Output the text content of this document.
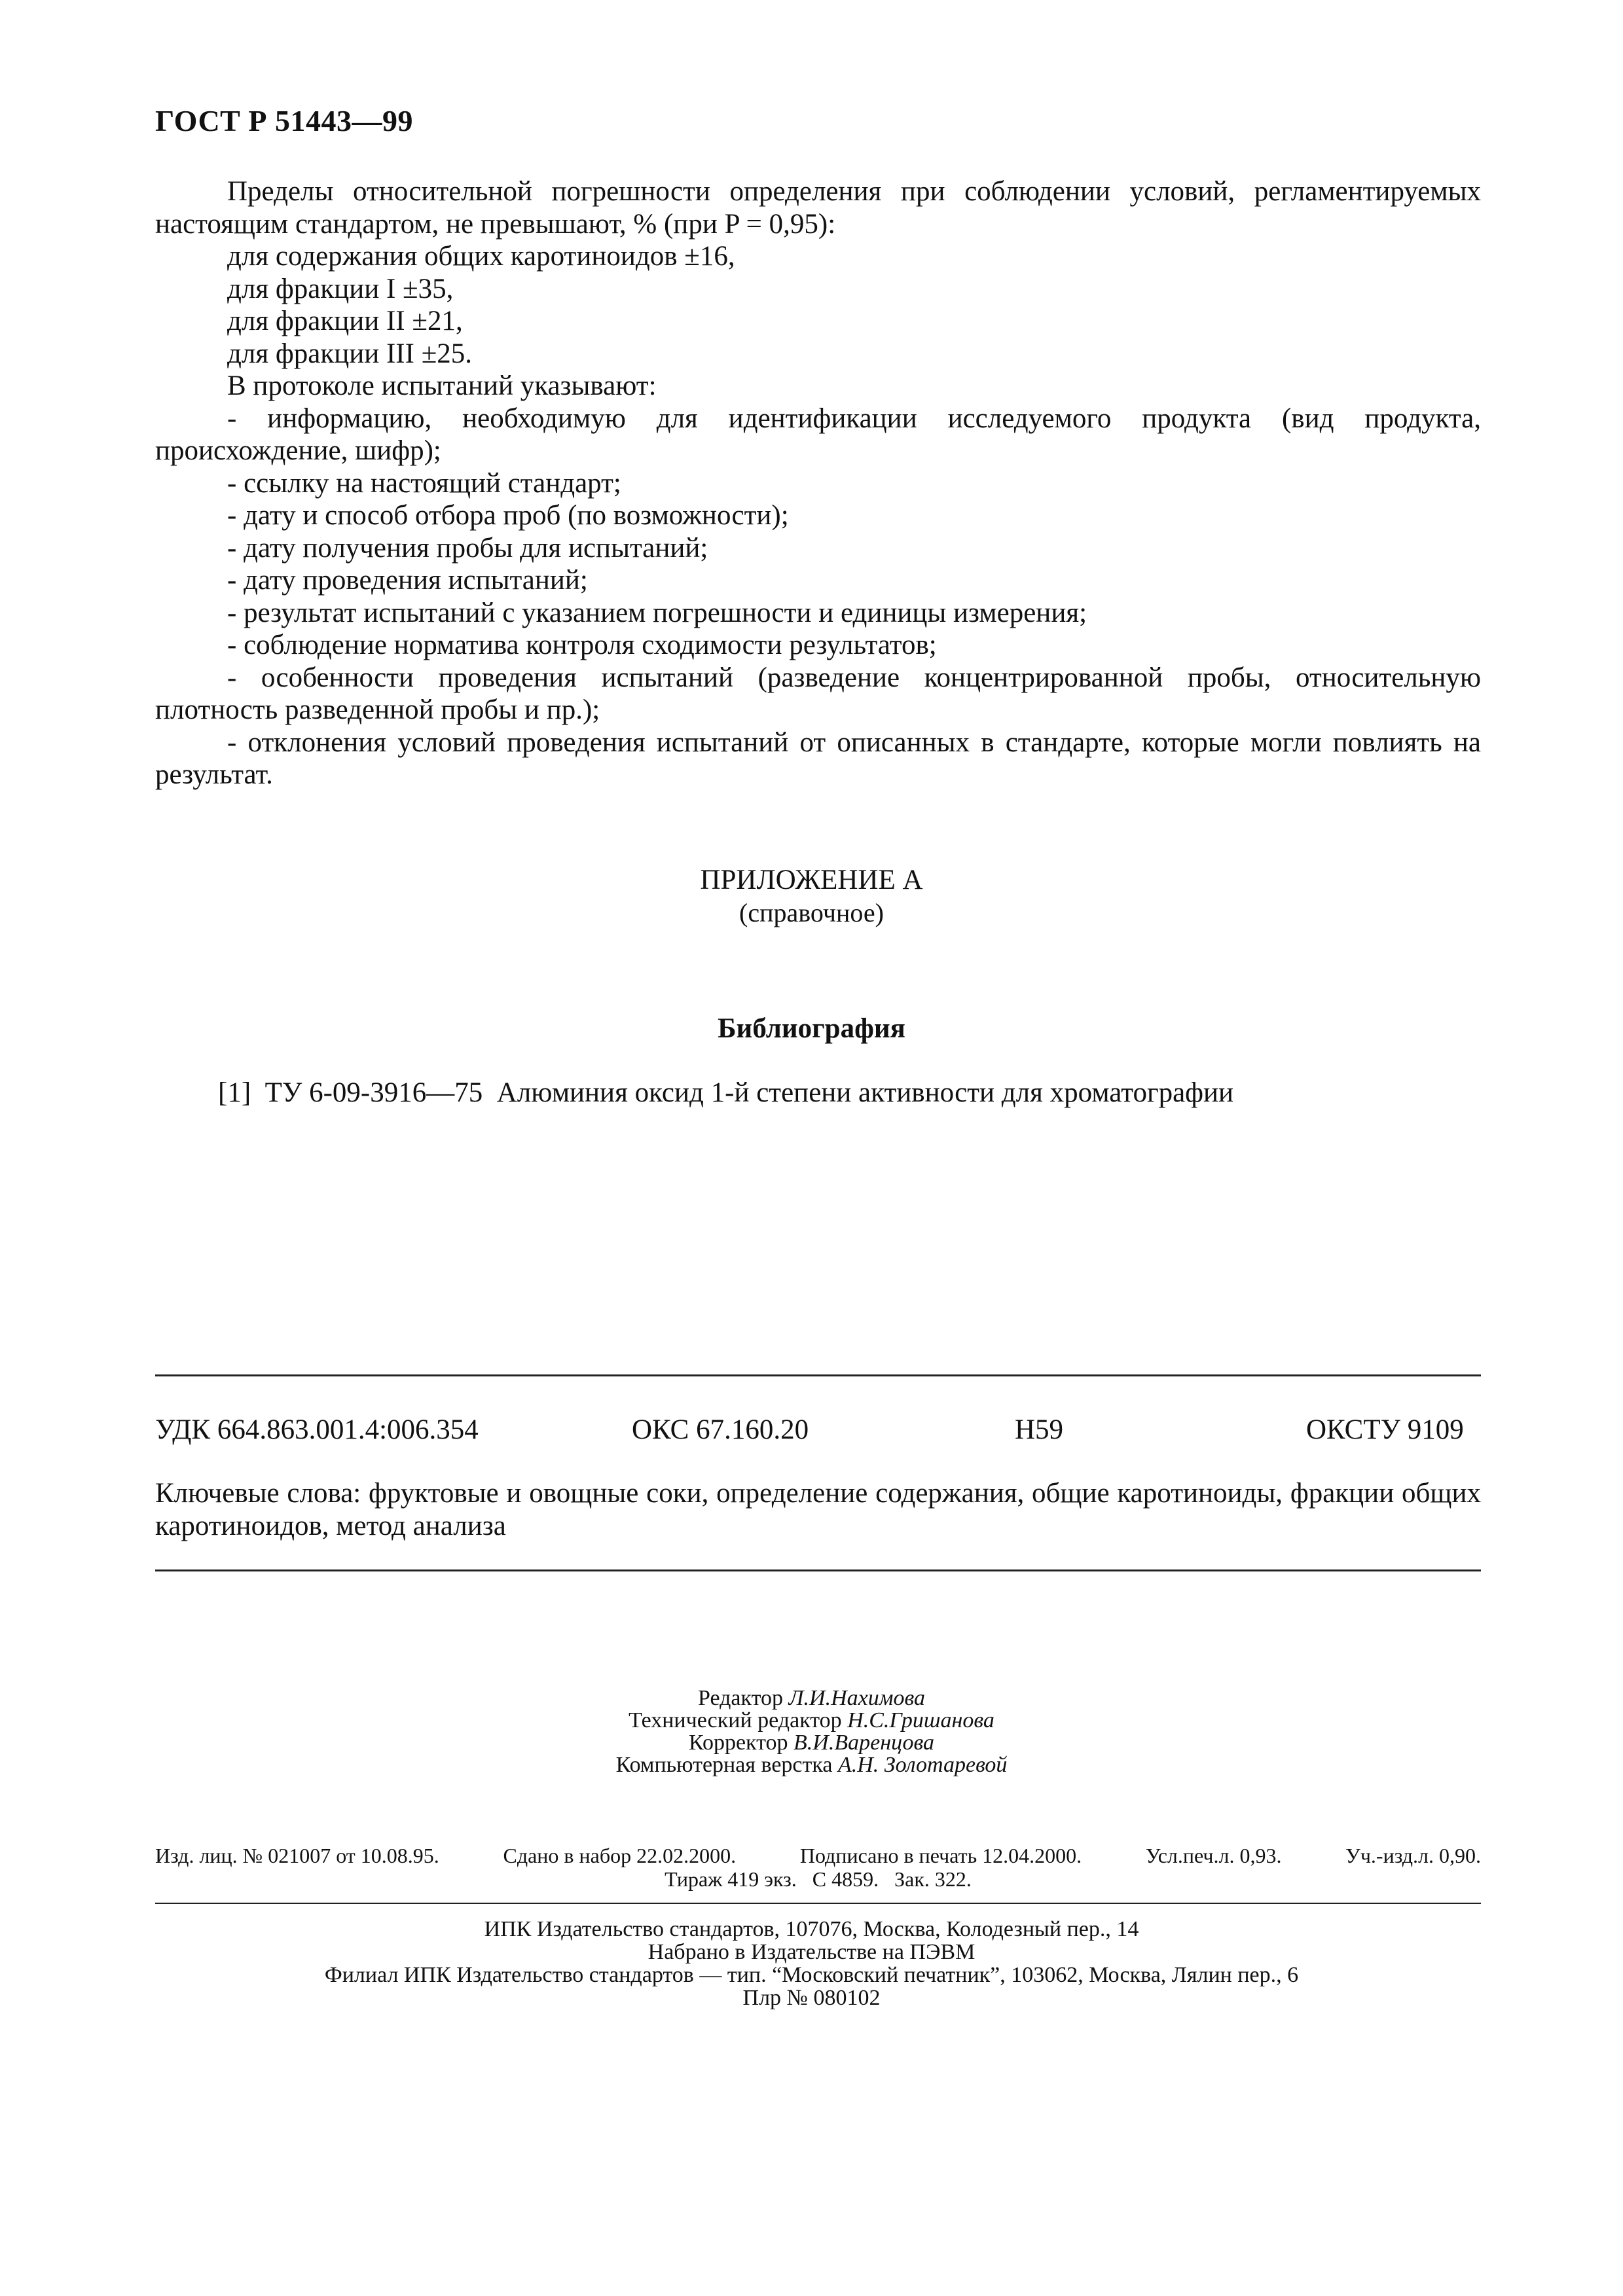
ГОСТ Р 51443—99

Пределы относительной погрешности определения при соблюдении условий, регламентируемых настоящим стандартом, не превышают, % (при P = 0,95):

для содержания общих каротиноидов ±16,

для фракции I ±35,

для фракции II ±21,

для фракции III ±25.

В протоколе испытаний указывают:

- информацию, необходимую для идентификации исследуемого продукта (вид продукта, происхождение, шифр);

- ссылку на настоящий стандарт;

- дату и способ отбора проб (по возможности);

- дату получения пробы для испытаний;

- дату проведения испытаний;

- результат испытаний с указанием погрешности и единицы измерения;

- соблюдение норматива контроля сходимости результатов;

- особенности проведения испытаний (разведение концентрированной пробы, относительную плотность разведенной пробы и пр.);

- отклонения условий проведения испытаний от описанных в стандарте, которые могли повлиять на результат.

ПРИЛОЖЕНИЕ А
(справочное)
Библиография
[1] ТУ 6-09-3916—75 Алюминия оксид 1-й степени активности для хроматографии
УДК 664.863.001.4:006.354	ОКС 67.160.20	Н59	ОКСТУ 9109
Ключевые слова: фруктовые и овощные соки, определение содержания, общие каротиноиды, фракции общих каротиноидов, метод анализа
Редактор Л.И.Нахимова
Технический редактор Н.С.Гришанова
Корректор В.И.Варенцова
Компьютерная верстка А.Н. Золотаревой
Изд. лиц. № 021007 от 10.08.95.	Сдано в набор 22.02.2000.	Подписано в печать 12.04.2000.	Усл.печ.л. 0,93.	Уч.-изд.л. 0,90.
Тираж 419 экз.   С 4859.   Зак. 322.
ИПК Издательство стандартов, 107076, Москва, Колодезный пер., 14
Набрано в Издательстве на ПЭВМ
Филиал ИПК Издательство стандартов — тип. “Московский печатник”, 103062, Москва, Лялин пер., 6
Плр № 080102
